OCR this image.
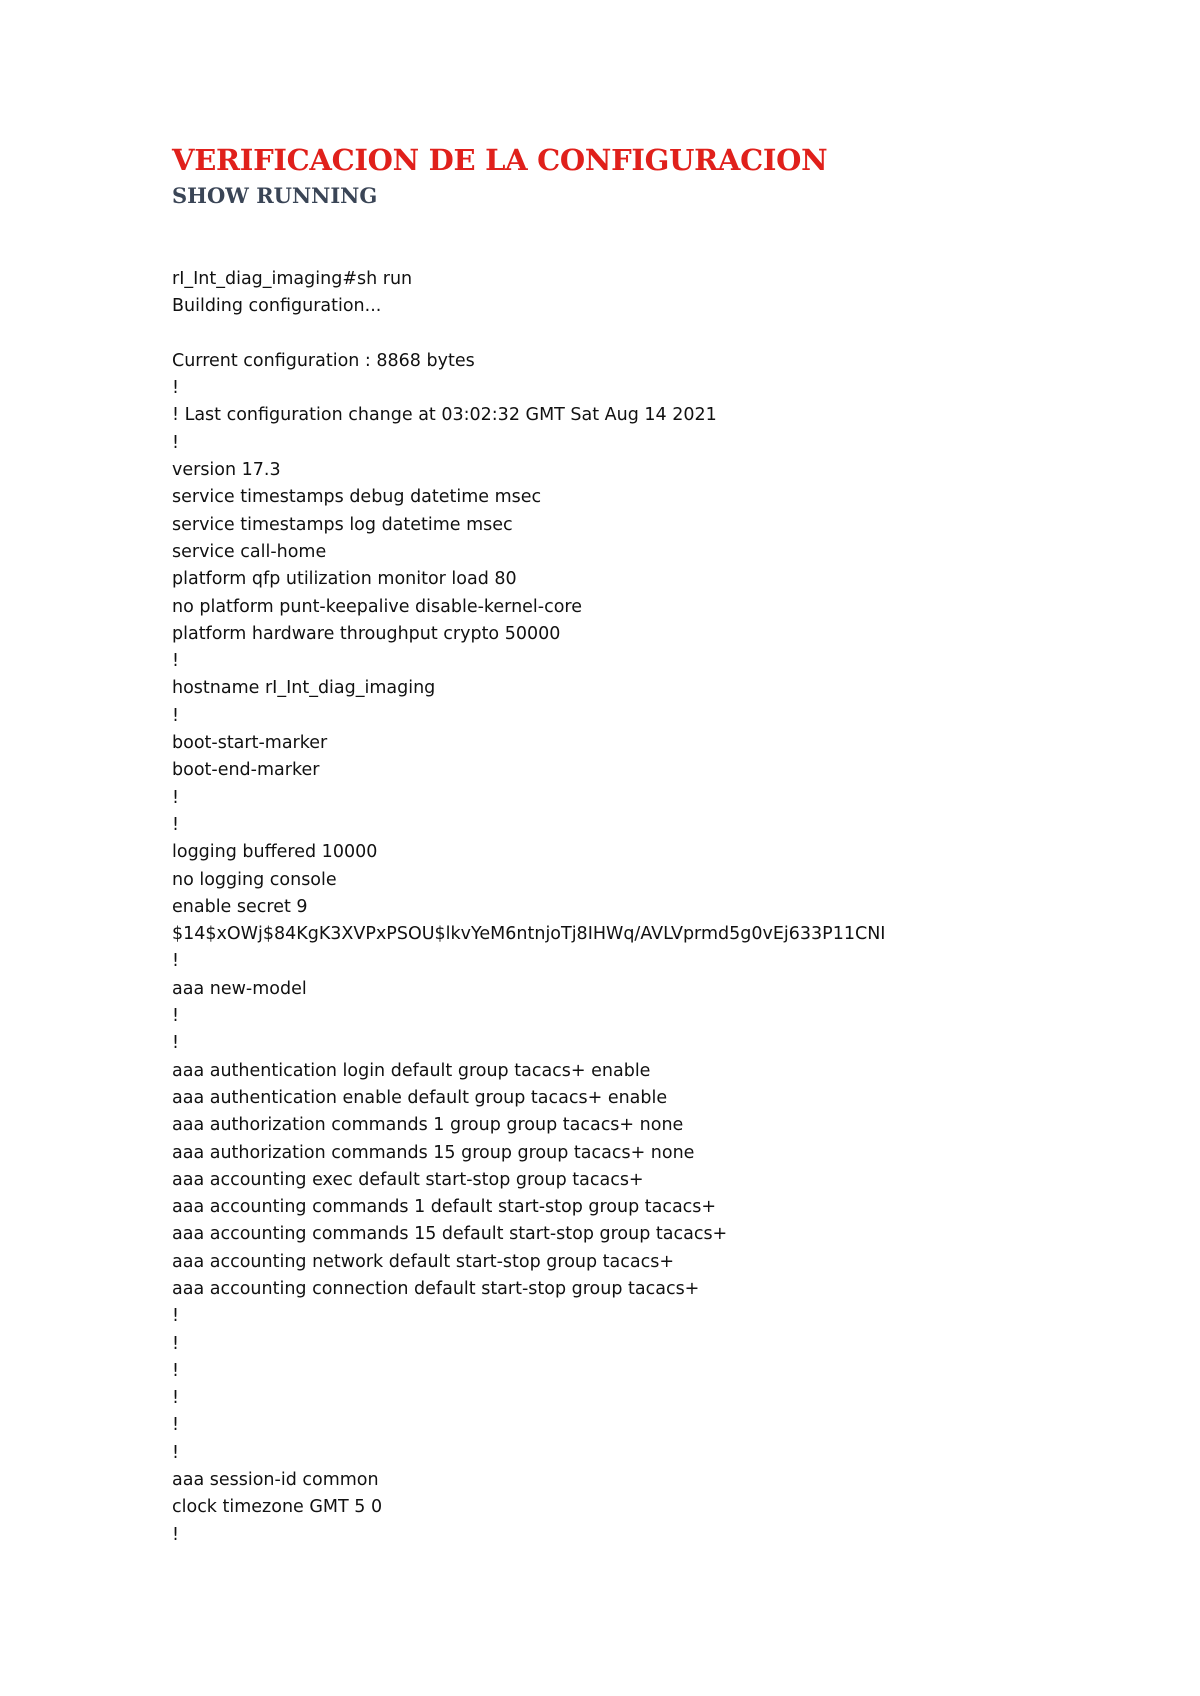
VERIFICACION DE LA CONFIGURACION
SHOW RUNNING
rI_Int_diag_imaging#sh run
Building configuration...
Current configuration : 8868 bytes
!
! Last configuration change at 03:02:32 GMT Sat Aug 14 2021
!
version 17.3
service timestamps debug datetime msec
service timestamps log datetime msec
service call-home
platform qfp utilization monitor load 80
no platform punt-keepalive disable-kernel-core
platform hardware throughput crypto 50000
!
hostname rI_Int_diag_imaging
!
boot-start-marker
boot-end-marker
!
!
logging buffered 10000
no logging console
enable secret 9
$14$xOWj$84KgK3XVPxPSOU$lkvYeM6ntnjoTj8IHWq/AVLVprmd5g0vEj633P11CNI
!
aaa new-model
!
!
aaa authentication login default group tacacs+ enable
aaa authentication enable default group tacacs+ enable
aaa authorization commands 1 group group tacacs+ none
aaa authorization commands 15 group group tacacs+ none
aaa accounting exec default start-stop group tacacs+
aaa accounting commands 1 default start-stop group tacacs+
aaa accounting commands 15 default start-stop group tacacs+
aaa accounting network default start-stop group tacacs+
aaa accounting connection default start-stop group tacacs+
!
!
!
!
!
!
aaa session-id common
clock timezone GMT 5 0
!
